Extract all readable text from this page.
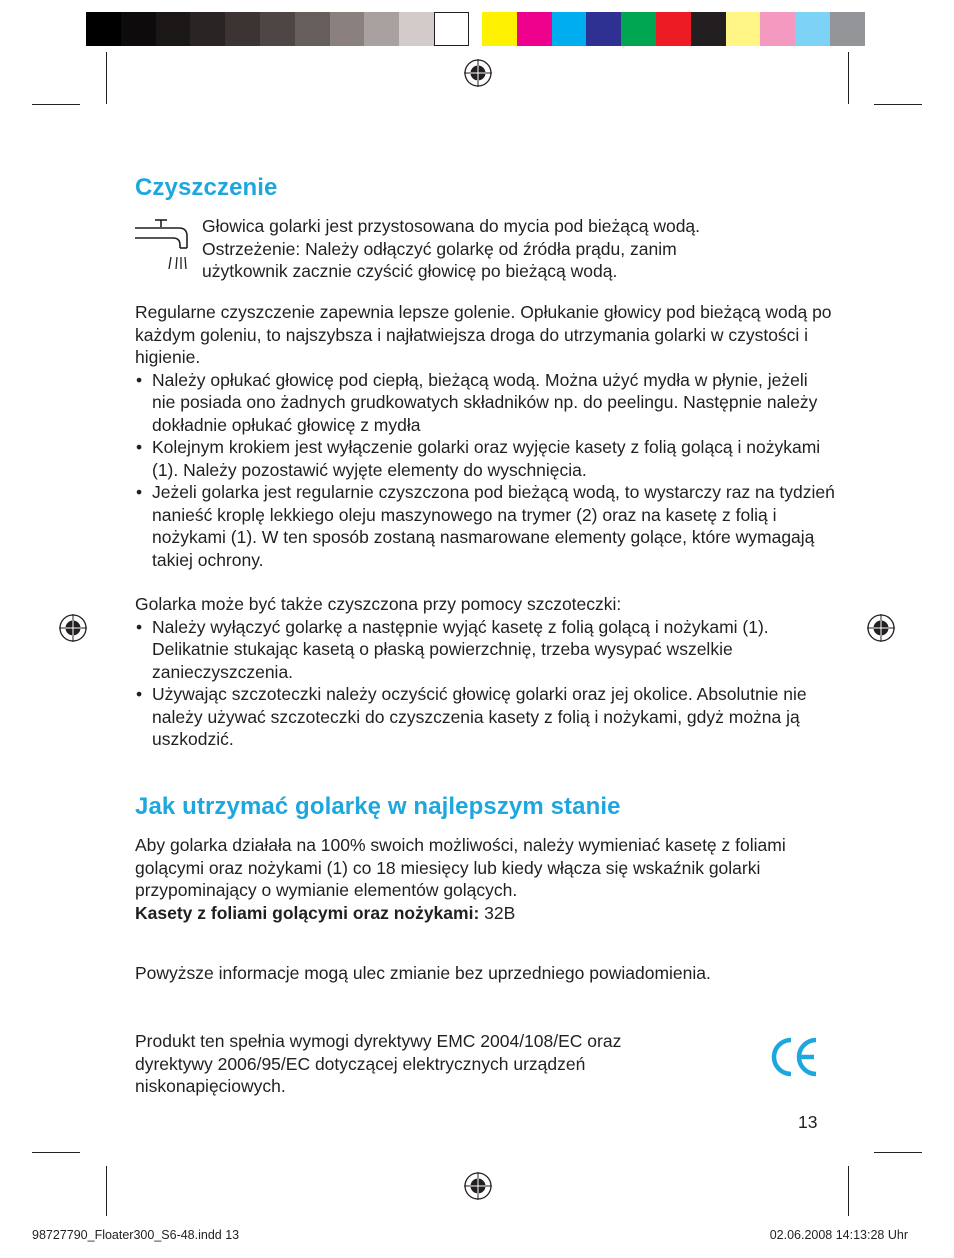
Czyszczenie

Głowica golarki jest przystosowana do mycia pod bieżącą wodą.

Ostrzeżenie: Należy odłączyć golarkę od źródła prądu, zanim

użytkownik zacznie czyścić głowicę po bieżącą wodą.

Regularne czyszczenie zapewnia lepsze golenie. Opłukanie głowicy pod bieżącą wodą po każdym goleniu, to najszybsza i najłatwiejsza droga do utrzymania golarki w czystości i higienie.

• Należy opłukać głowicę pod ciepłą, bieżącą wodą. Można użyć mydła w płynie, jeżeli nie posiada ono żadnych grudkowatych składników np. do peelingu. Następnie należy dokładnie opłukać głowicę z mydła
• Kolejnym krokiem jest wyłączenie golarki oraz wyjęcie kasety z folią golącą i nożykami (1). Należy pozostawić wyjęte elementy do wyschnięcia.
• Jeżeli golarka jest regularnie czyszczona pod bieżącą wodą, to wystarczy raz na tydzień nanieść kroplę lekkiego oleju maszynowego na trymer (2) oraz na kasetę z folią i nożykami (1). W ten sposób zostaną nasmarowane elementy golące, które wymagają takiej ochrony.

Golarka może być także czyszczona przy pomocy szczoteczki:

• Należy wyłączyć golarkę a następnie wyjąć kasetę z folią golącą i nożykami (1). Delikatnie stukając kasetą o płaską powierzchnię, trzeba wysypać wszelkie zanieczyszczenia.
• Używając szczoteczki należy oczyścić głowicę golarki oraz jej okolice. Absolutnie nie należy używać szczoteczki do czyszczenia kasety z folią i nożykami, gdyż można ją uszkodzić.
Jak utrzymać golarkę w najlepszym stanie

Aby golarka działała na 100% swoich możliwości, należy wymieniać kasetę z foliami golącymi oraz nożykami (1) co 18 miesięcy lub kiedy włącza się wskaźnik golarki przypominający o wymianie elementów golących.

Kasety z foliami golącymi oraz nożykami: 32B

Powyższe informacje mogą ulec zmianie bez uprzedniego powiadomienia.

Produkt ten spełnia wymogi dyrektywy EMC 2004/108/EC oraz

dyrektywy 2006/95/EC dotyczącej elektrycznych urządzeń

niskonapięciowych.

13
98727790_Floater300_S6-48.indd 13	02.06.2008 14:13:28 Uhr
